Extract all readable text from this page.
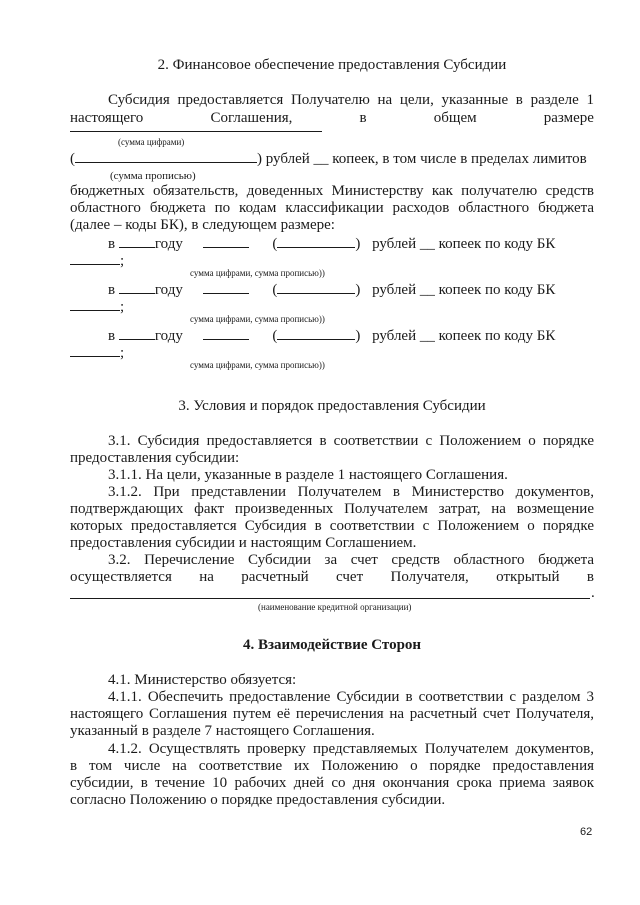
2. Финансовое обеспечение предоставления Субсидии
Субсидия предоставляется Получателю на цели, указанные в разделе 1
настоящего	Соглашения,	в	общем	размере
(сумма цифрами)
(	) рублей __ копеек, в том числе в пределах лимитов
(сумма прописью)
бюджетных обязательств, доведенных Министерству как получателю средств
областного бюджета по кодам классификации расходов областного бюджета
(далее – коды БК), в следующем размере:
в	году	(	) рублей __ копеек по коду БК
;
сумма цифрами, сумма прописью))
в	году	(	) рублей __ копеек по коду БК
;
сумма цифрами, сумма прописью))
в	году	(	) рублей __ копеек по коду БК
;
сумма цифрами, сумма прописью))
3. Условия и порядок предоставления Субсидии
3.1. Субсидия предоставляется в соответствии с Положением о порядке
предоставления субсидии:
3.1.1. На цели, указанные в разделе 1 настоящего Соглашения.
3.1.2. При представлении Получателем в Министерство документов,
подтверждающих факт произведенных Получателем затрат, на возмещение
которых предоставляется Субсидия в соответствии с Положением о порядке
предоставления субсидии и настоящим Соглашением.
3.2. Перечисление Субсидии за счет средств областного бюджета
осуществляется на расчетный счет Получателя, открытый в
.
(наименование кредитной организации)
4. Взаимодействие Сторон
4.1. Министерство обязуется:
4.1.1. Обеспечить предоставление Субсидии в соответствии с разделом 3
настоящего Соглашения путем её перечисления на расчетный счет Получателя,
указанный в разделе 7 настоящего Соглашения.
4.1.2. Осуществлять проверку представляемых Получателем документов,
в том числе на соответствие их Положению о порядке предоставления
субсидии, в течение 10 рабочих дней со дня окончания срока приема заявок
согласно Положению о порядке предоставления субсидии.
62
